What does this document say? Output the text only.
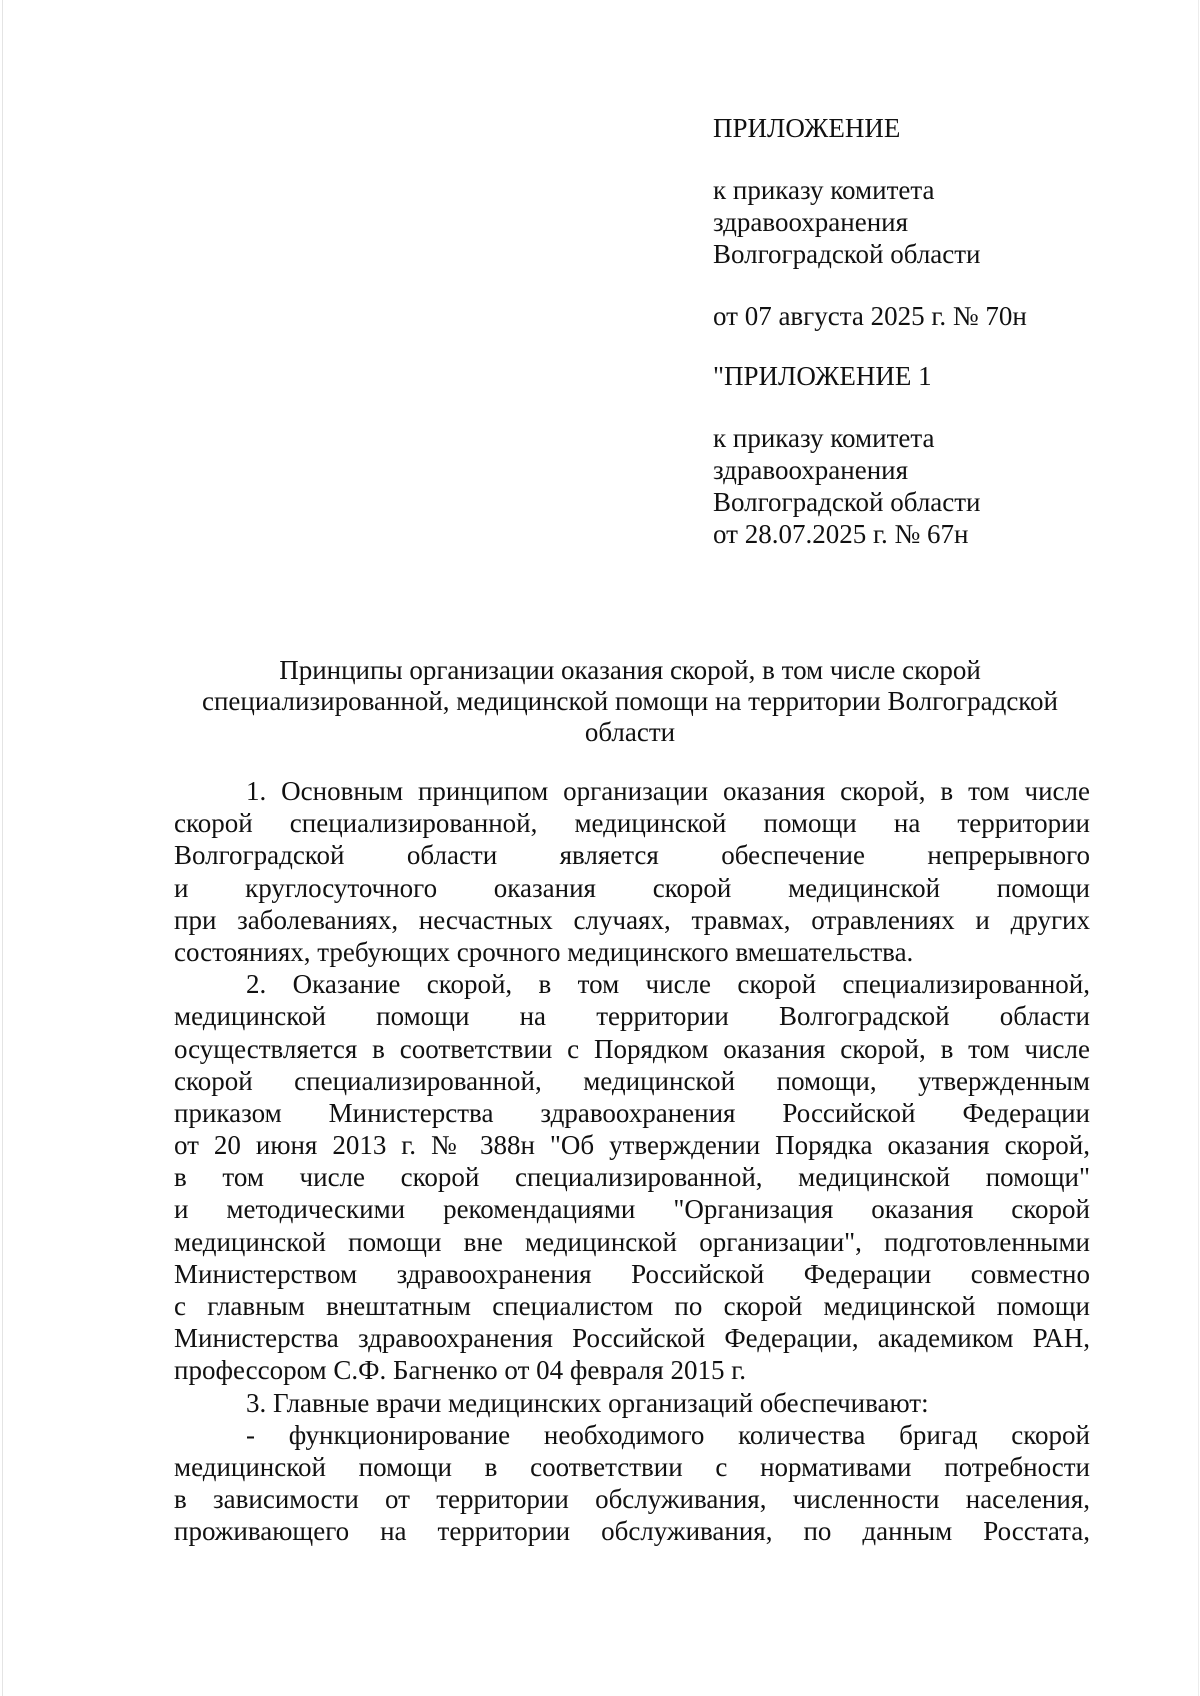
ПРИЛОЖЕНИЕ
к приказу комитета
здравоохранения
Волгоградской области
от 07 августа 2025 г. № 70н
"ПРИЛОЖЕНИЕ 1
к приказу комитета
здравоохранения
Волгоградской области
от 28.07.2025 г. № 67н
Принципы организации оказания скорой, в том числе скорой
специализированной, медицинской помощи на территории Волгоградской
области
1. Основным принципом организации оказания скорой, в том числе
скорой специализированной, медицинской помощи на территории
Волгоградской области является обеспечение непрерывного
и круглосуточного оказания скорой медицинской помощи
при заболеваниях, несчастных случаях, травмах, отравлениях и других
состояниях, требующих срочного медицинского вмешательства.
2. Оказание скорой, в том числе скорой специализированной,
медицинской помощи на территории Волгоградской области
осуществляется в соответствии с Порядком оказания скорой, в том числе
скорой специализированной, медицинской помощи, утвержденным
приказом Министерства здравоохранения Российской Федерации
от 20 июня 2013 г. № 388н "Об утверждении Порядка оказания скорой,
в том числе скорой специализированной, медицинской помощи"
и методическими рекомендациями "Организация оказания скорой
медицинской помощи вне медицинской организации", подготовленными
Министерством здравоохранения Российской Федерации совместно
с главным внештатным специалистом по скорой медицинской помощи
Министерства здравоохранения Российской Федерации, академиком РАН,
профессором С.Ф. Багненко от 04 февраля 2015 г.
3. Главные врачи медицинских организаций обеспечивают:
- функционирование необходимого количества бригад скорой
медицинской помощи в соответствии с нормативами потребности
в зависимости от территории обслуживания, численности населения,
проживающего на территории обслуживания, по данным Росстата,
